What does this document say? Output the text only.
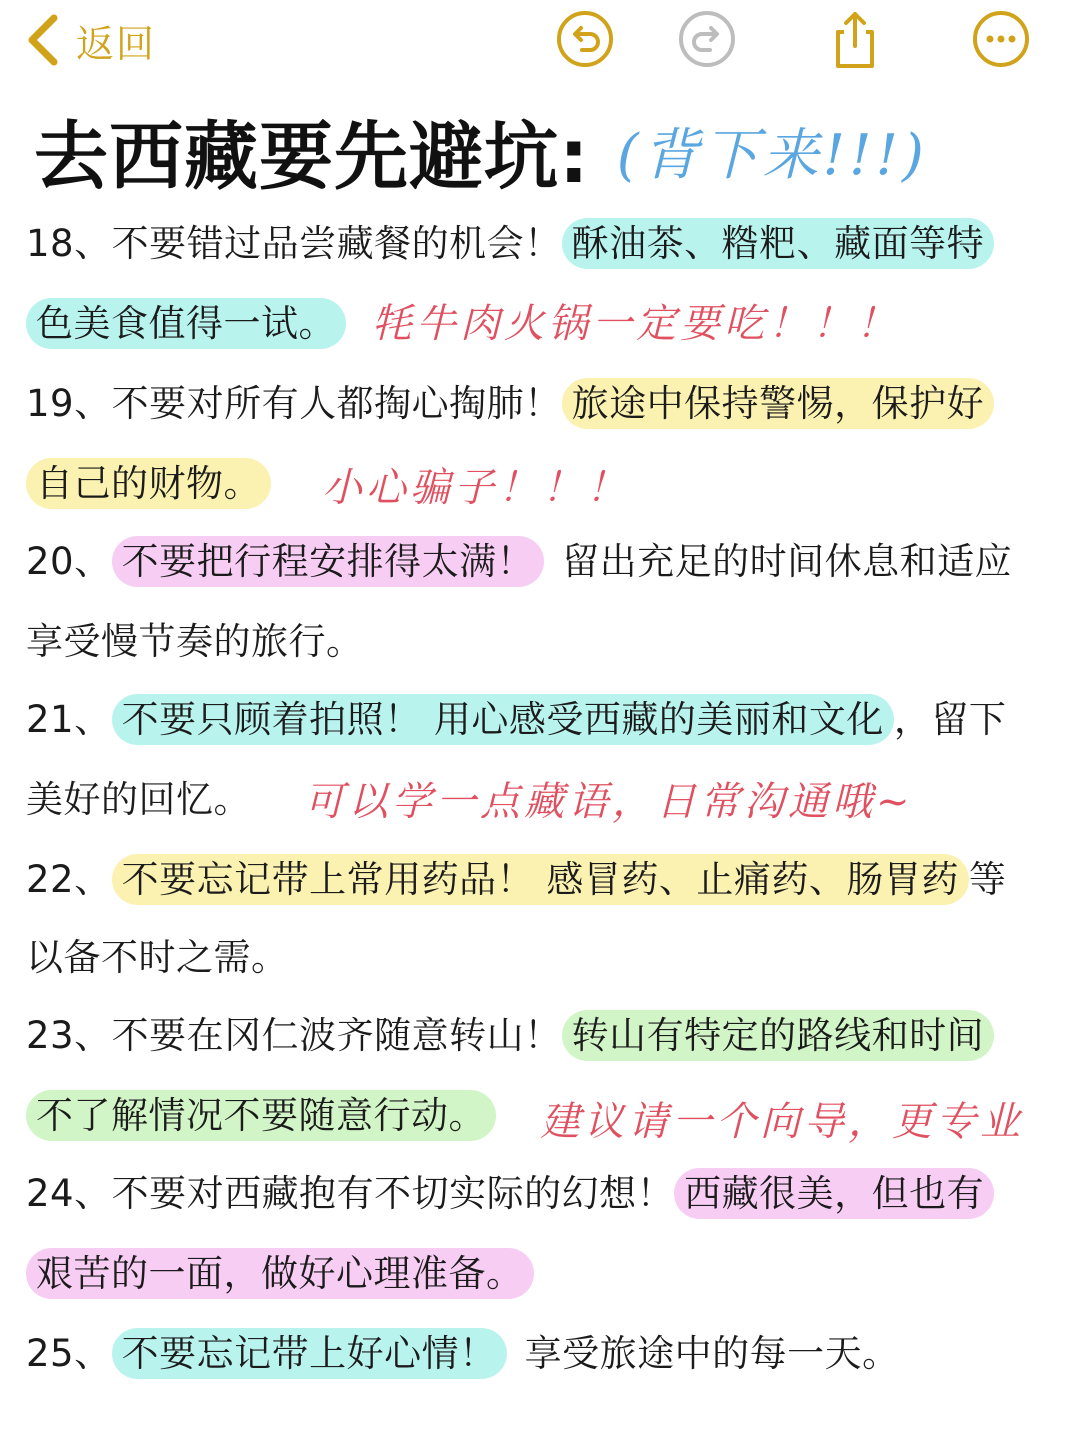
返回
去西藏要先避坑: (背下来!!!)
18、不要错过品尝藏餐的机会！ 酥油茶、糌粑、藏面等特
色美食值得一试。 牦牛肉火锅一定要吃！！！
19、不要对所有人都掏心掏肺！ 旅途中保持警惕，保护好
自己的财物。 小心骗子！！！
20、 不要把行程安排得太满！ 留出充足的时间休息和适应
享受慢节奏的旅行。
21、 不要只顾着拍照！ 用心感受西藏的美丽和文化 ，留下
美好的回忆。 可以学一点藏语，日常沟通哦~
22、 不要忘记带上常用药品！ 感冒药、止痛药、肠胃药 等
以备不时之需。
23、不要在冈仁波齐随意转山！ 转山有特定的路线和时间
不了解情况不要随意行动。 建议请一个向导，更专业
24、不要对西藏抱有不切实际的幻想！ 西藏很美，但也有
艰苦的一面，做好心理准备。
25、 不要忘记带上好心情！ 享受旅途中的每一天。
